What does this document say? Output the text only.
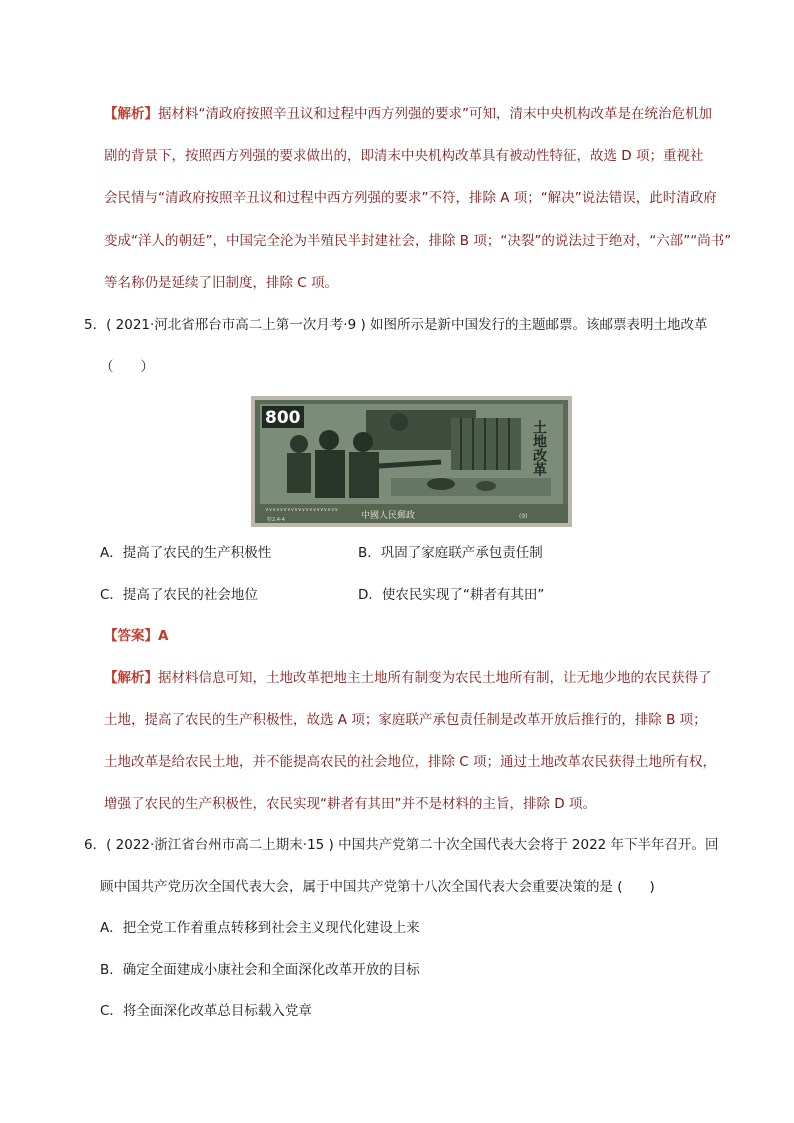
【解析】据材料“清政府按照辛丑议和过程中西方列强的要求”可知，清末中央机构改革是在统治危机加
剧的背景下，按照西方列强的要求做出的，即清末中央机构改革具有被动性特征，故选 D 项；重视社
会民情与“清政府按照辛丑议和过程中西方列强的要求”不符，排除 A 项；“解决”说法错误，此时清政府
变成“洋人的朝廷”，中国完全沦为半殖民半封建社会，排除 B 项；“决裂”的说法过于绝对，“六部”“尚书”
等名称仍是延续了旧制度，排除 C 项。
5．( 2021·河北省邢台市高二上第一次月考·9 ) 如图所示是新中国发行的主题邮票。该邮票表明土地改革
（　　）
800
土地改革
∨∨∨∨∨∨∨∨∨∨∨∨∨∨∨∨∨∨∨∨
中國人民郵政
特2.4-4	(9)
A．提高了农民的生产积极性	B．巩固了家庭联产承包责任制
C．提高了农民的社会地位	D．使农民实现了“耕者有其田”
【答案】A
【解析】据材料信息可知，土地改革把地主土地所有制变为农民土地所有制，让无地少地的农民获得了
土地，提高了农民的生产积极性，故选 A 项；家庭联产承包责任制是改革开放后推行的，排除 B 项；
土地改革是给农民土地，并不能提高农民的社会地位，排除 C 项；通过土地改革农民获得土地所有权，
增强了农民的生产积极性，农民实现“耕者有其田”并不是材料的主旨，排除 D 项。
6．( 2022·浙江省台州市高二上期末·15 ) 中国共产党第二十次全国代表大会将于 2022 年下半年召开。回
顾中国共产党历次全国代表大会，属于中国共产党第十八次全国代表大会重要决策的是 (　　)
A．把全党工作着重点转移到社会主义现代化建设上来
B．确定全面建成小康社会和全面深化改革开放的目标
C．将全面深化改革总目标载入党章
